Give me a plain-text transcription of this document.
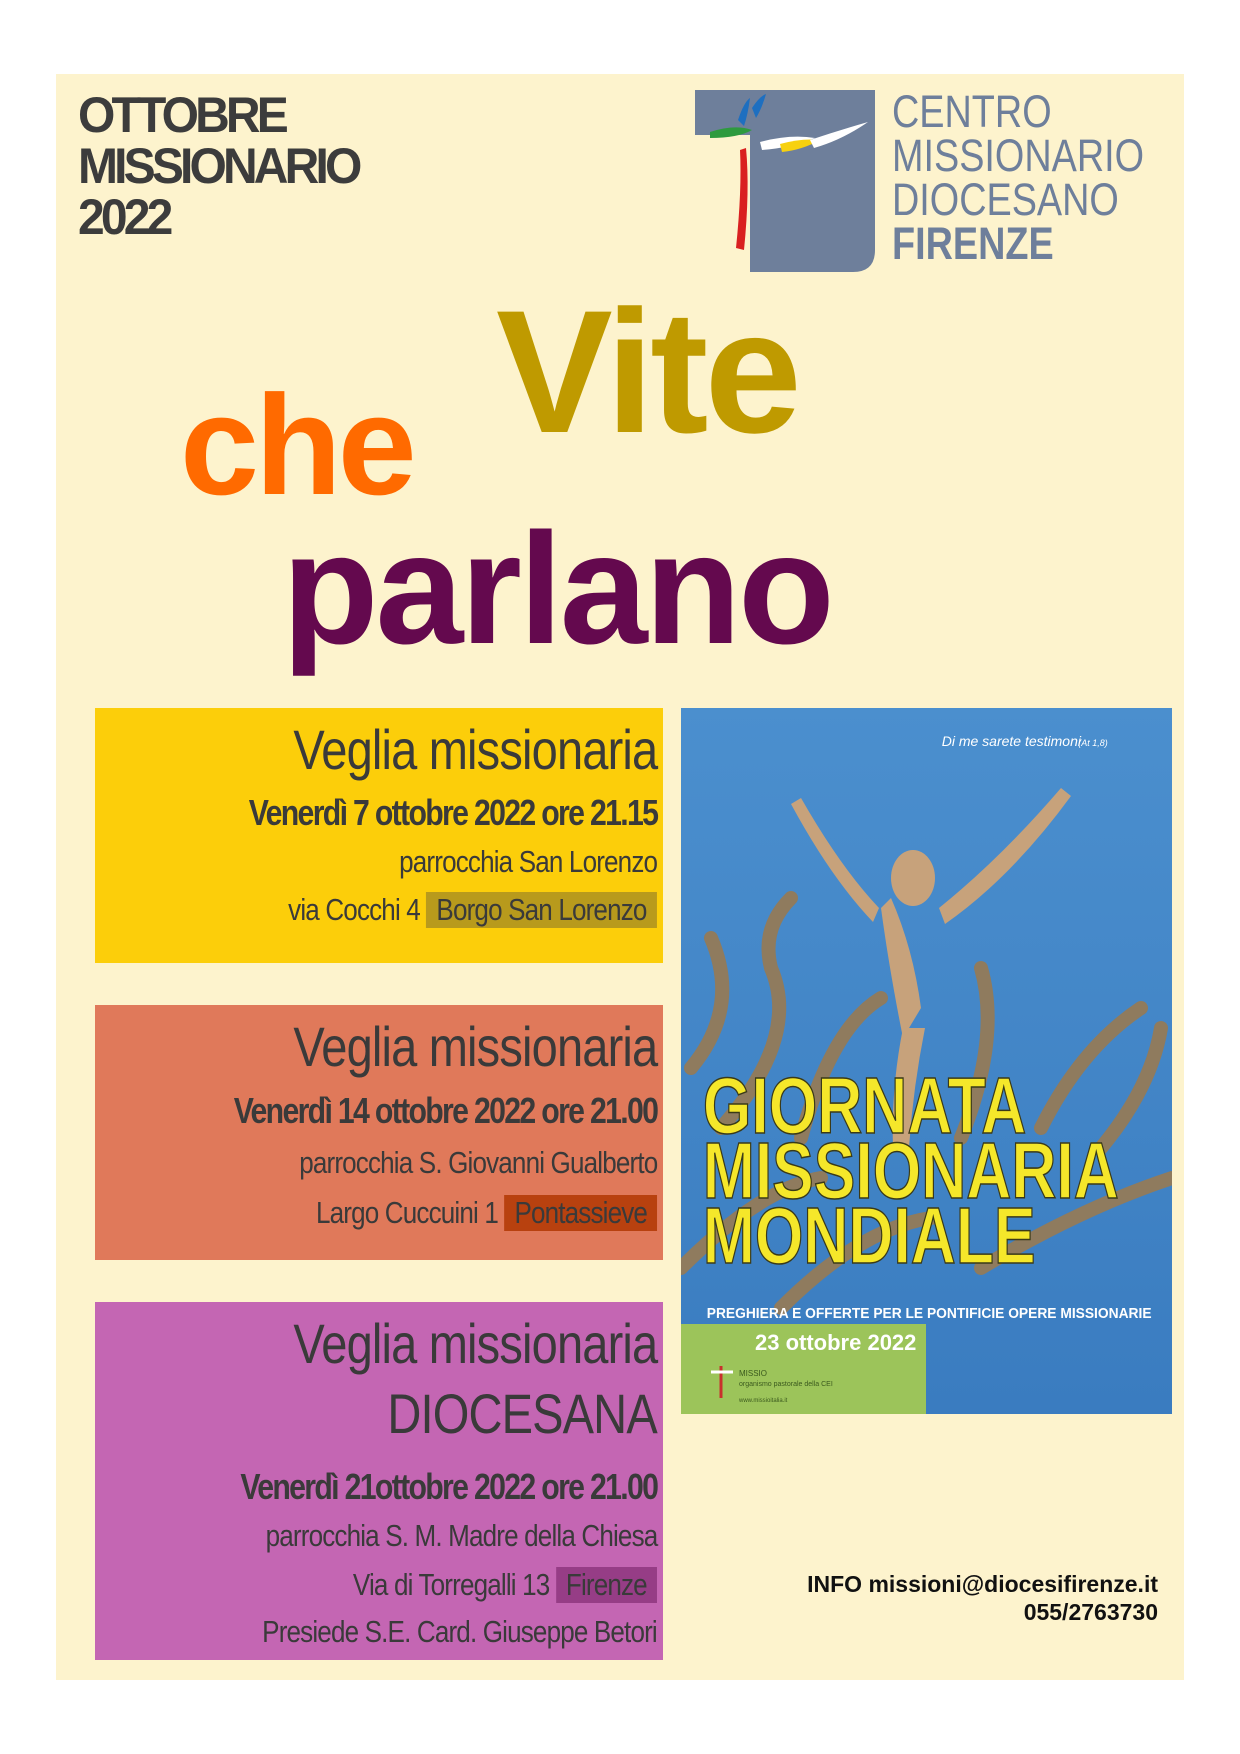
OTTOBRE
MISSIONARIO
2022
CENTRO
MISSIONARIO
DIOCESANO
FIRENZE
Vite
che
parlano
Veglia missionaria
Venerdì 7 ottobre 2022 ore 21.15
parrocchia San Lorenzo
via Cocchi 4 Borgo San Lorenzo
Veglia missionaria
Venerdì 14 ottobre 2022 ore 21.00
parrocchia S. Giovanni Gualberto
Largo Cuccuini 1 Pontassieve
Veglia missionaria
DIOCESANA
Venerdì 21ottobre 2022 ore 21.00
parrocchia S. M. Madre della Chiesa
Via di Torregalli 13 Firenze
Presiede S.E. Card. Giuseppe Betori
Di me sarete testimoni
(At 1,8)
GIORNATA
MISSIONARIA
MONDIALE
PREGHIERA E OFFERTE PER LE PONTIFICIE OPERE MISSIONARIE
23 ottobre 2022
MISSIO
organismo pastorale della CEI
www.missioitalia.it
INFO missioni@diocesifirenze.it
055/2763730
